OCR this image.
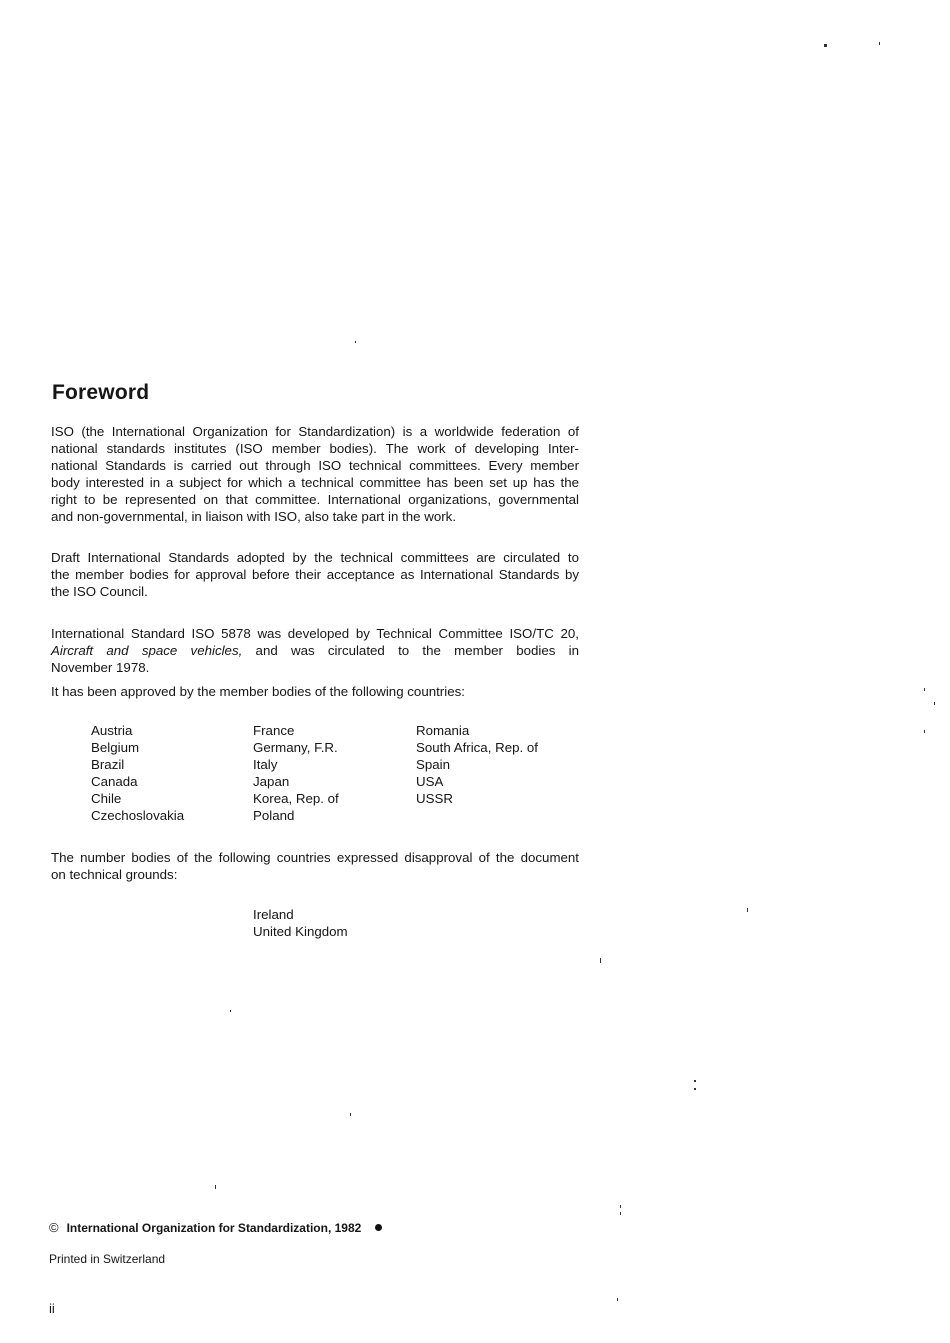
Foreword
ISO (the International Organization for Standardization) is a worldwide federation of
national standards institutes (ISO member bodies). The work of developing Inter-
national Standards is carried out through ISO technical committees. Every member
body interested in a subject for which a technical committee has been set up has the
right to be represented on that committee. International organizations, governmental
and non-governmental, in liaison with ISO, also take part in the work.
Draft International Standards adopted by the technical committees are circulated to
the member bodies for approval before their acceptance as International Standards by
the ISO Council.
International Standard ISO 5878 was developed by Technical Committee ISO/TC 20,
Aircraft and space vehicles, and was circulated to the member bodies in
November 1978.
It has been approved by the member bodies of the following countries:
Austria
Belgium
Brazil
Canada
Chile
Czechoslovakia
France
Germany, F.R.
Italy
Japan
Korea, Rep. of
Poland
Romania
South Africa, Rep. of
Spain
USA
USSR
The number bodies of the following countries expressed disapproval of the document
on technical grounds:
Ireland
United Kingdom
© International Organization for Standardization, 1982
Printed in Switzerland
ii
